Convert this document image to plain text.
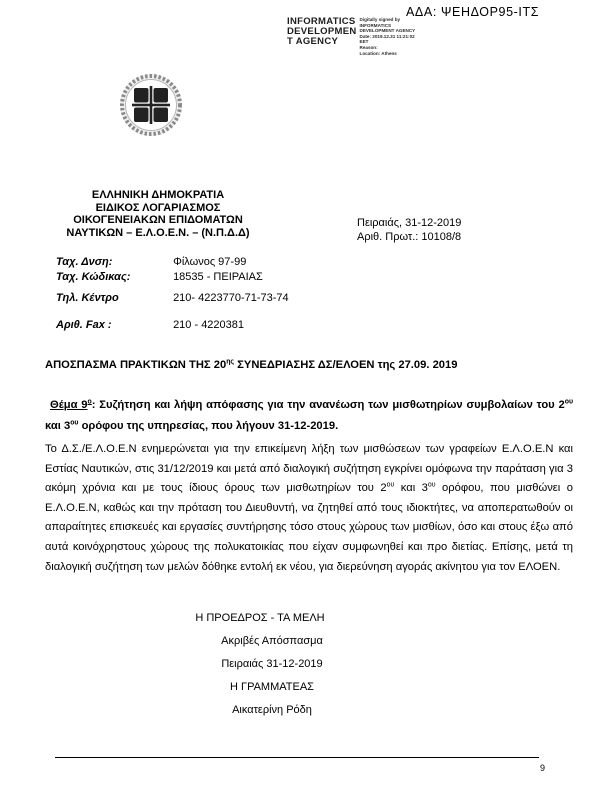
ΑΔΑ: ΨΕΗΔΟΡ95-ΙΤΣ
INFORMATICS
DEVELOPMEN
T AGENCY
Digitally signed by
INFORMATICS
DEVELOPMENT AGENCY
Date: 2019.12.31 11:21:02
EET
Reason:
Location: Athens
ΕΛΛΗΝΙΚΗ ΔΗΜΟΚΡΑΤΙΑ
ΕΙΔΙΚΟΣ ΛΟΓΑΡΙΑΣΜΟΣ
ΟΙΚΟΓΕΝΕΙΑΚΩΝ ΕΠΙΔΟΜΑΤΩΝ
ΝΑΥΤΙΚΩΝ – Ε.Λ.Ο.Ε.Ν. – (Ν.Π.Δ.Δ)
Πειραιάς, 31-12-2019
Αριθ. Πρωτ.: 10108/8
Ταχ. Δνση:	Φίλωνος 97-99
Ταχ. Κώδικας:	18535 - ΠΕΙΡΑΙΑΣ
Τηλ. Κέντρο	210- 4223770-71-73-74
Αριθ. Fax :	210 - 4220381
ΑΠΟΣΠΑΣΜΑ ΠΡΑΚΤΙΚΩΝ ΤΗΣ $20^{\eta\varsigma}$ ΣΥΝΕΔΡΙΑΣΗΣ ΔΣ/ΕΛΟΕΝ της 27.09. 2019
Θέμα $9^o$: Συζήτηση και λήψη απόφασης για την ανανέωση των μισθωτηρίων συμβολαίων του $2^{o\upsilon}$ και $3^{o\upsilon}$ ορόφου της υπηρεσίας, που λήγουν 31-12-2019.
Το Δ.Σ./Ε.Λ.Ο.Ε.Ν ενημερώνεται για την επικείμενη λήξη των μισθώσεων των γραφείων Ε.Λ.Ο.Ε.Ν και Εστίας Ναυτικών, στις 31/12/2019 και μετά από διαλογική συζήτηση εγκρίνει ομόφωνα την παράταση για 3 ακόμη χρόνια και με τους ίδιους όρους των μισθωτηρίων του $2^{o\upsilon}$ και $3^{o\upsilon}$ ορόφου, που μισθώνει ο Ε.Λ.Ο.Ε.Ν, καθώς και την πρόταση του Διευθυντή, να ζητηθεί από τους ιδιοκτήτες, να αποπερατωθούν οι απαραίτητες επισκευές και εργασίες συντήρησης τόσο στους χώρους των μισθίων, όσο και στους έξω από αυτά κοινόχρηστους χώρους της πολυκατοικίας που είχαν συμφωνηθεί και προ διετίας. Επίσης, μετά τη διαλογική συζήτηση των μελών δόθηκε εντολή εκ νέου, για διερεύνηση αγοράς ακίνητου για τον ΕΛΟΕΝ.
Η ΠΡΟΕΔΡΟΣ - ΤΑ ΜΕΛΗ
Ακριβές Απόσπασμα
Πειραιάς 31-12-2019
Η ΓΡΑΜΜΑΤΕΑΣ
Αικατερίνη Ρόδη
9
